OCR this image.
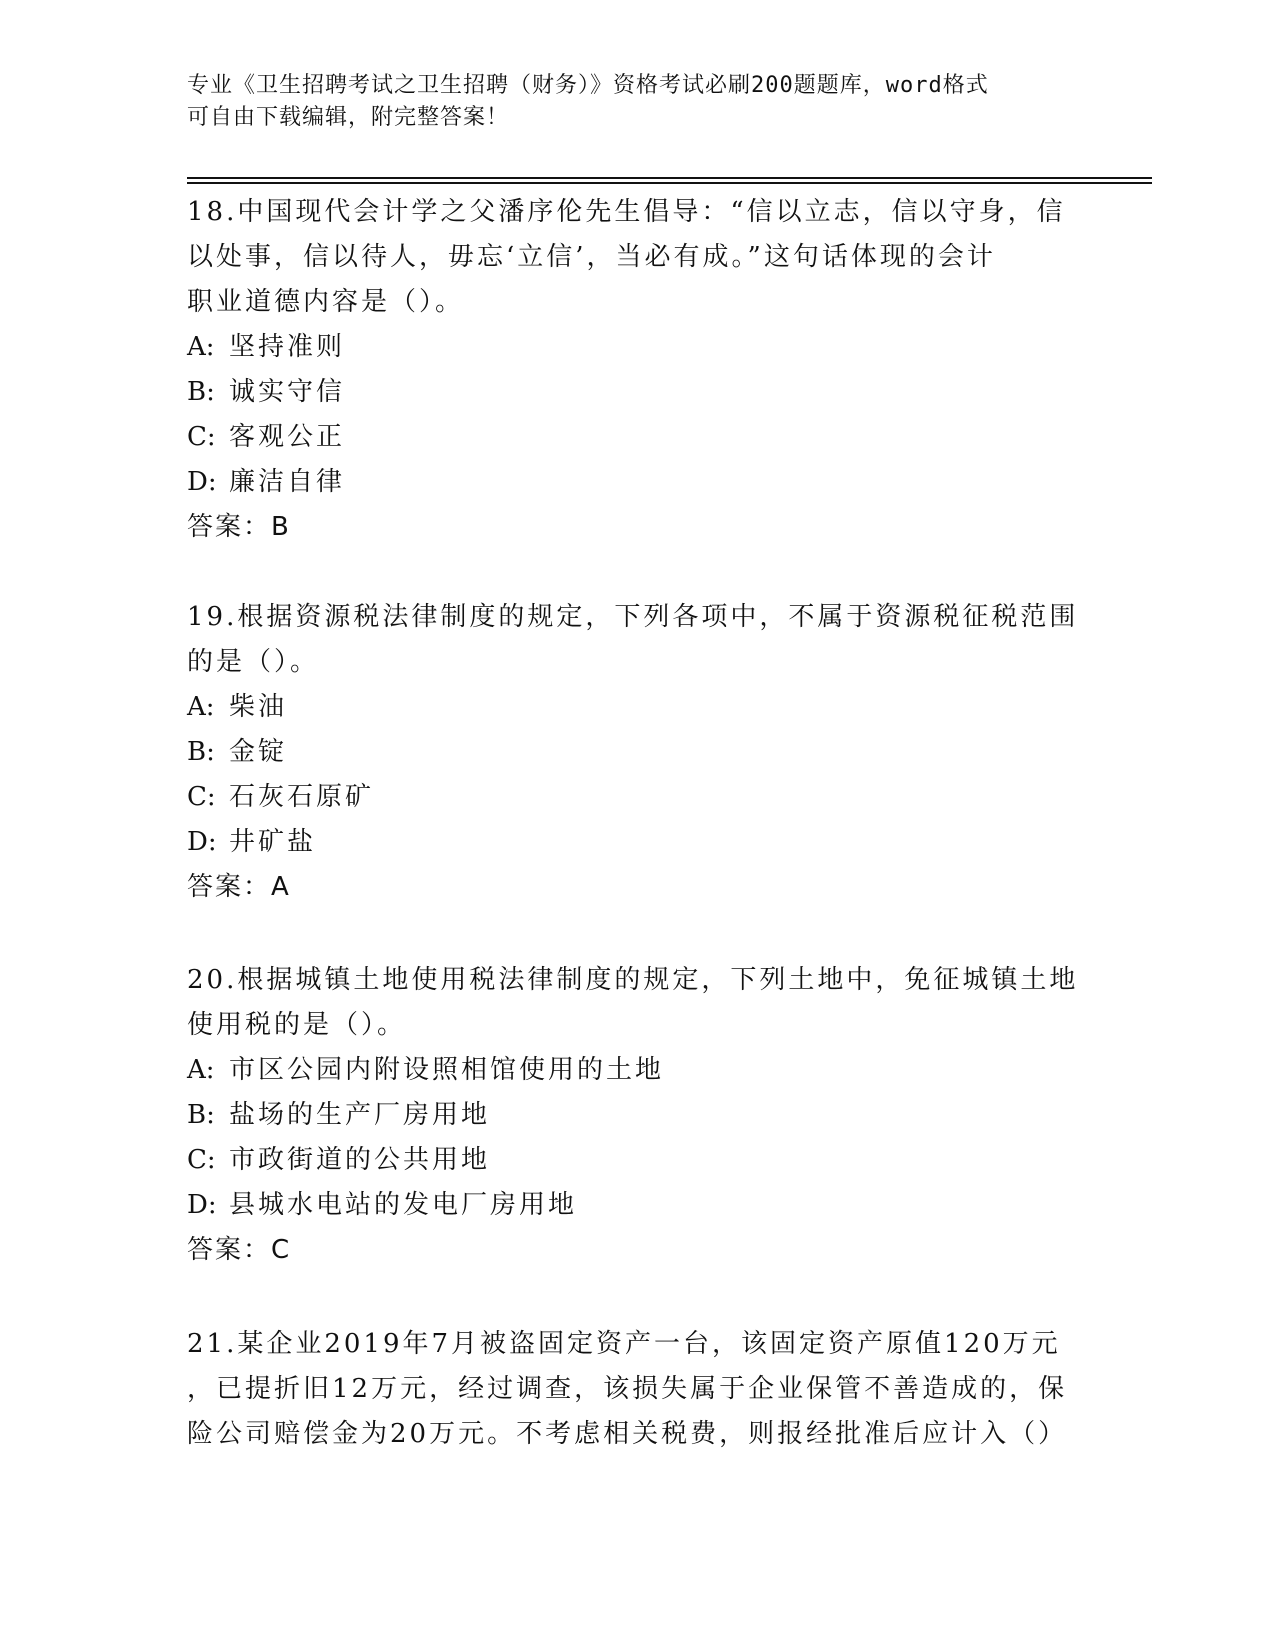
专业《卫生招聘考试之卫生招聘（财务）》资格考试必刷200题题库，word格式
可自由下载编辑，附完整答案！
18.中国现代会计学之父潘序伦先生倡导：“信以立志，信以守身，信
以处事，信以待人，毋忘‘立信’，当必有成。”这句话体现的会计
职业道德内容是（）。
A: 坚持准则
B: 诚实守信
C: 客观公正
D: 廉洁自律
答案：B
19.根据资源税法律制度的规定，下列各项中，不属于资源税征税范围
的是（）。
A: 柴油
B: 金锭
C: 石灰石原矿
D: 井矿盐
答案：A
20.根据城镇土地使用税法律制度的规定，下列土地中，免征城镇土地
使用税的是（）。
A: 市区公园内附设照相馆使用的土地
B: 盐场的生产厂房用地
C: 市政街道的公共用地
D: 县城水电站的发电厂房用地
答案：C
21.某企业2019年7月被盗固定资产一台，该固定资产原值120万元
，已提折旧12万元，经过调查，该损失属于企业保管不善造成的，保
险公司赔偿金为20万元。不考虑相关税费，则报经批准后应计入（）
